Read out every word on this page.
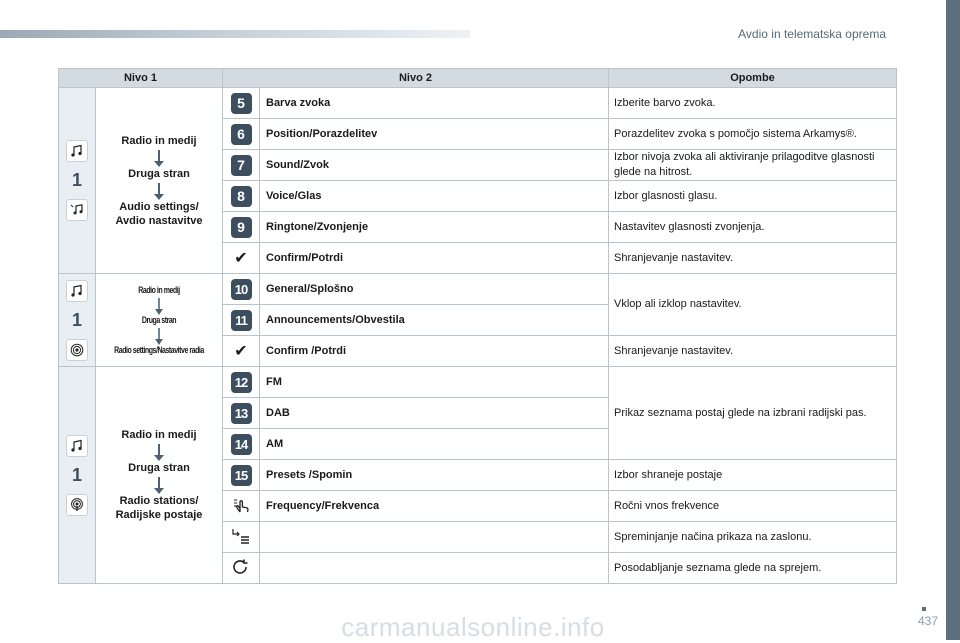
Avdio in telematska oprema
437
carmanualsonline.info
Nivo 1		Nivo 2		Opombe

1	Radio in medij
Druga stran
Audio settings/ Avdio nastavitve	5	Barva zvoka	Izberite barvo zvoka.
		6	Position/Porazdelitev	Porazdelitev zvoka s pomočjo sistema Arkamys®.
		7	Sound/Zvok	Izbor nivoja zvoka ali aktiviranje prilagoditve glasnosti glede na hitrost.
		8	Voice/Glas	Izbor glasnosti glasu.
		9	Ringtone/Zvonjenje	Nastavitev glasnosti zvonjenja.
		✔	Confirm/Potrdi	Shranjevanje nastavitev.

1	Radio in medij
Druga stran
Radio settings/Nastavitve radia	10	General/Splošno	Vklop ali izklop nastavitev.
		11	Announcements/Obvestila	
		✔	Confirm /Potrdi	Shranjevanje nastavitev.

1	Radio in medij
Druga stran
Radio stations/ Radijske postaje	12	FM	Prikaz seznama postaj glede na izbrani radijski pas.
		13	DAB	
		14	AM	
		15	Presets /Spomin	Izbor shraneje postaje
	Frequency/Frekvenca	Ročni vnos frekvence
		Spreminjanje načina prikaza na zaslonu.
		Posodabljanje seznama glede na sprejem.
